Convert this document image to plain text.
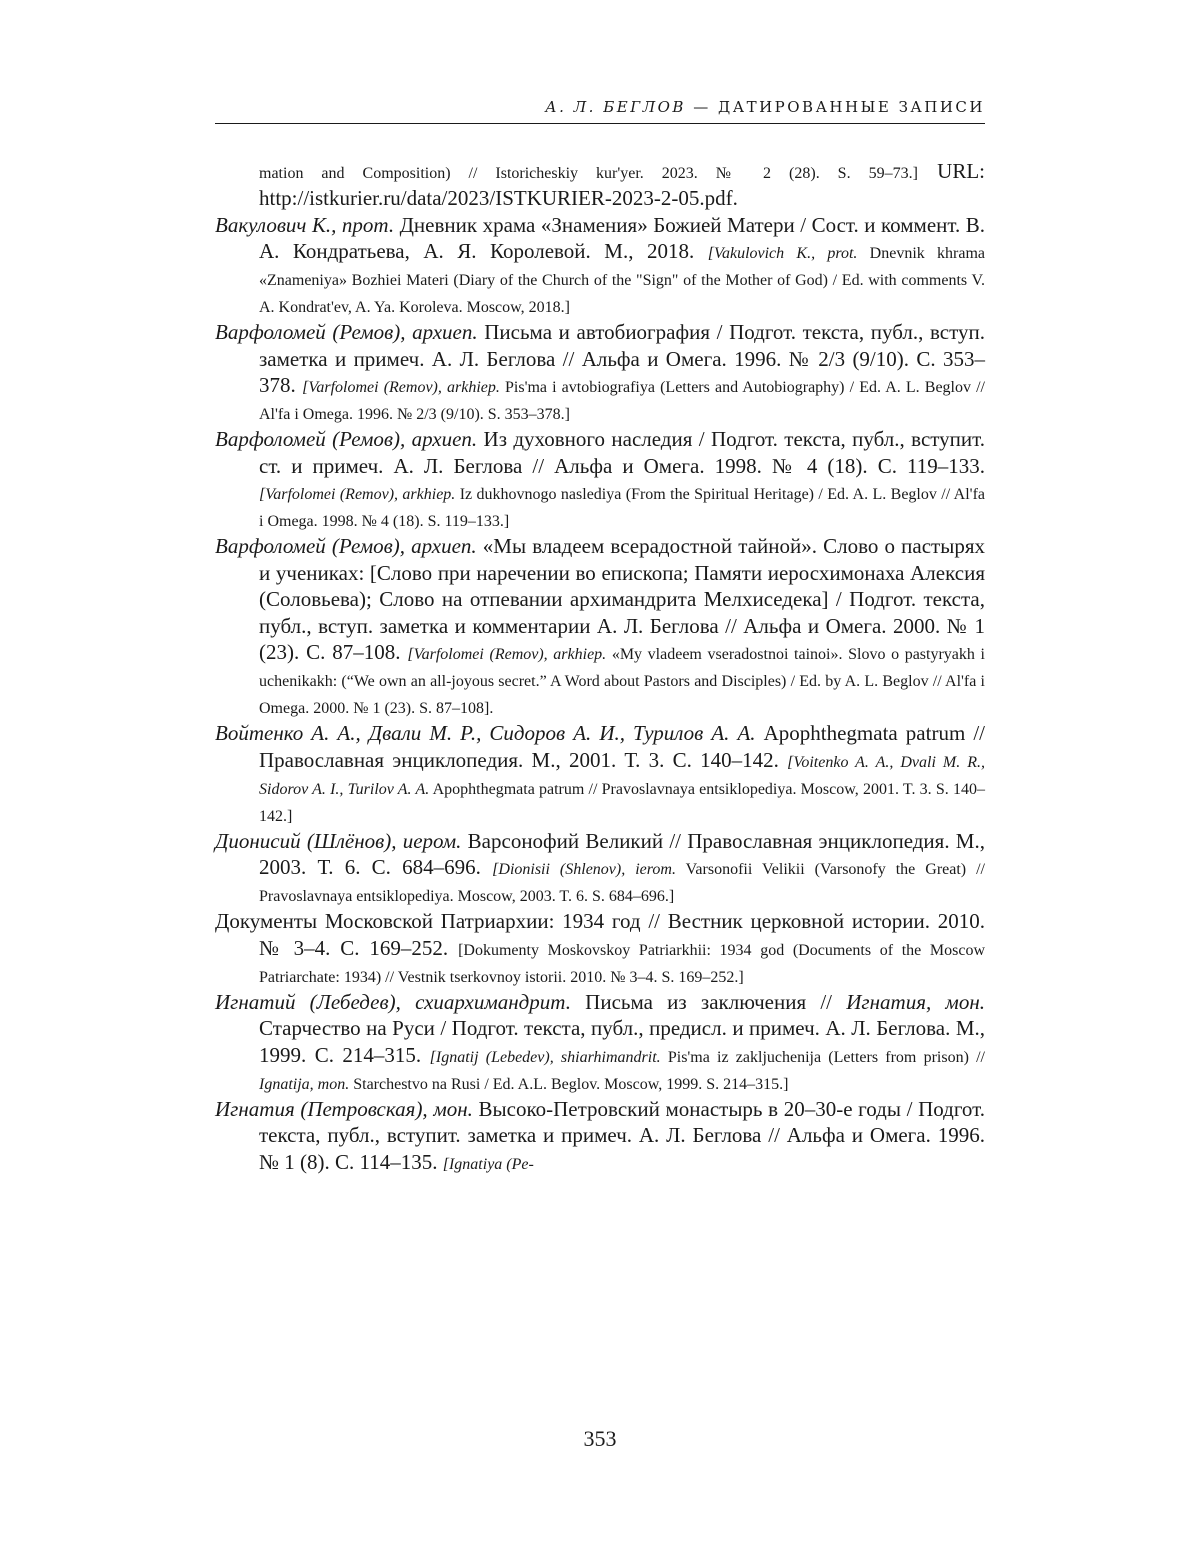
А. Л. БЕГЛОВ — ДАТИРОВАННЫЕ ЗАПИСИ
mation and Composition) // Istoricheskiy kur'yer. 2023. № 2 (28). S. 59–73.] URL: http://istkurier.ru/data/2023/ISTKURIER-2023-2-05.pdf.
Вакулович К., прот. Дневник храма «Знамения» Божией Матери / Сост. и коммент. В. А. Кондратьева, А. Я. Королевой. М., 2018. [Vakulovich K., prot. Dnevnik khrama «Znameniya» Bozhiei Materi (Diary of the Church of the "Sign" of the Mother of God) / Ed. with comments V. A. Kondrat'ev, A. Ya. Koroleva. Moscow, 2018.]
Варфоломей (Ремов), архиеп. Письма и автобиография / Подгот. текста, публ., вступ. заметка и примеч. А. Л. Беглова // Альфа и Омега. 1996. № 2/3 (9/10). С. 353–378. [Varfolomei (Remov), arkhiep. Pis'ma i avtobiografiya (Letters and Autobiography) / Ed. A. L. Beglov // Al'fa i Omega. 1996. № 2/3 (9/10). S. 353–378.]
Варфоломей (Ремов), архиеп. Из духовного наследия / Подгот. текста, публ., вступит. ст. и примеч. А. Л. Беглова // Альфа и Омега. 1998. № 4 (18). С. 119–133. [Varfolomei (Remov), arkhiep. Iz dukhovnogo naslediya (From the Spiritual Heritage) / Ed. A. L. Beglov // Al'fa i Omega. 1998. № 4 (18). S. 119–133.]
Варфоломей (Ремов), архиеп. «Мы владеем всерадостной тайной». Слово о пастырях и учениках: [Слово при наречении во епископа; Памяти иеросхимонаха Алексия (Соловьева); Слово на отпевании архимандрита Мелхиседека] / Подгот. текста, публ., вступ. заметка и комментарии А. Л. Беглова // Альфа и Омега. 2000. № 1 (23). С. 87–108. [Varfolomei (Remov), arkhiep. «My vladeem vseradostnoi tainoi». Slovo o pastyryakh i uchenikakh: (“We own an all-joyous secret.” A Word about Pastors and Disciples) / Ed. by A. L. Beglov // Al'fa i Omega. 2000. № 1 (23). S. 87–108].
Войтенко А. А., Двали М. Р., Сидоров А. И., Турилов А. А. Apophthegmata patrum // Православная энциклопедия. М., 2001. Т. 3. С. 140–142. [Voitenko A. A., Dvali M. R., Sidorov A. I., Turilov A. A. Apophthegmata patrum // Pravoslavnaya entsiklopediya. Moscow, 2001. T. 3. S. 140–142.]
Дионисий (Шлёнов), иером. Варсонофий Великий // Православная энциклопедия. М., 2003. Т. 6. С. 684–696. [Dionisii (Shlenov), ierom. Varsonofii Velikii (Varsonofy the Great) // Pravoslavnaya entsiklopediya. Moscow, 2003. T. 6. S. 684–696.]
Документы Московской Патриархии: 1934 год // Вестник церковной истории. 2010. № 3–4. С. 169–252. [Dokumenty Moskovskoy Patriarkhii: 1934 god (Documents of the Moscow Patriarchate: 1934) // Vestnik tserkovnoy istorii. 2010. № 3–4. S. 169–252.]
Игнатий (Лебедев), схиархимандрит. Письма из заключения // Игнатия, мон. Старчество на Руси / Подгот. текста, публ., предисл. и примеч. А. Л. Беглова. М., 1999. С. 214–315. [Ignatij (Lebedev), shiarhimandrit. Pis'ma iz zakljuchenija (Letters from prison) // Ignatija, mon. Starchestvo na Rusi / Ed. A.L. Beglov. Moscow, 1999. S. 214–315.]
Игнатия (Петровская), мон. Высоко-Петровский монастырь в 20–30-е годы / Подгот. текста, публ., вступит. заметка и примеч. А. Л. Беглова // Альфа и Омега. 1996. № 1 (8). С. 114–135. [Ignatiya (Pe-
353
